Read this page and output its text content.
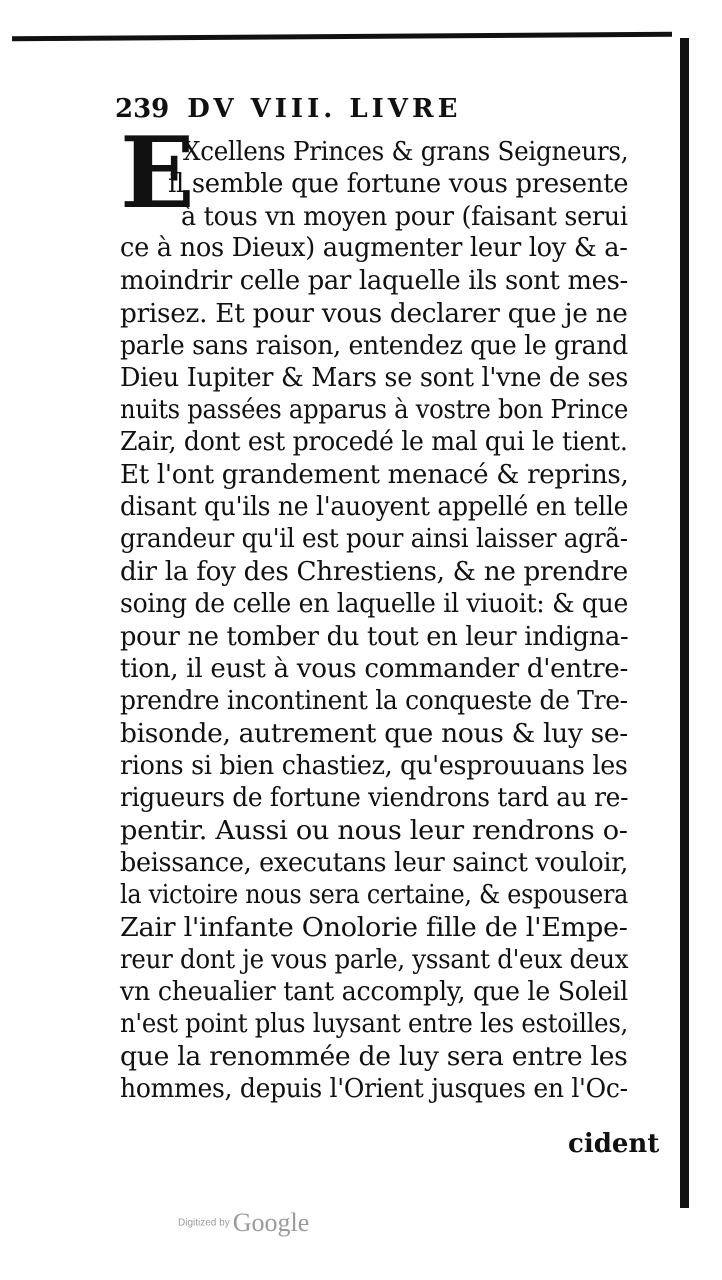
239 DV VIII. LIVRE
E
Xcellens Princes & grans Seigneurs,
il semble que fortune vous presente
à tous vn moyen pour (faisant serui
ce à nos Dieux) augmenter leur loy & a-
moindrir celle par laquelle ils sont mes-
prisez. Et pour vous declarer que je ne
parle sans raison, entendez que le grand
Dieu Iupiter & Mars se sont l'vne de ses
nuits passées apparus à vostre bon Prince
Zair, dont est procedé le mal qui le tient.
Et l'ont grandement menacé & reprins,
disant qu'ils ne l'auoyent appellé en telle
grandeur qu'il est pour ainsi laisser agrã-
dir la foy des Chrestiens, & ne prendre
soing de celle en laquelle il viuoit: & que
pour ne tomber du tout en leur indigna-
tion, il eust à vous commander d'entre-
prendre incontinent la conqueste de Tre-
bisonde, autrement que nous & luy se-
rions si bien chastiez, qu'esprouuans les
rigueurs de fortune viendrons tard au re-
pentir. Aussi ou nous leur rendrons o-
beissance, executans leur sainct vouloir,
la victoire nous sera certaine, & espousera
Zair l'infante Onolorie fille de l'Empe-
reur dont je vous parle, yssant d'eux deux
vn cheualier tant accomply, que le Soleil
n'est point plus luysant entre les estoilles,
que la renommée de luy sera entre les
hommes, depuis l'Orient jusques en l'Oc-
cident
Digitized by Google
